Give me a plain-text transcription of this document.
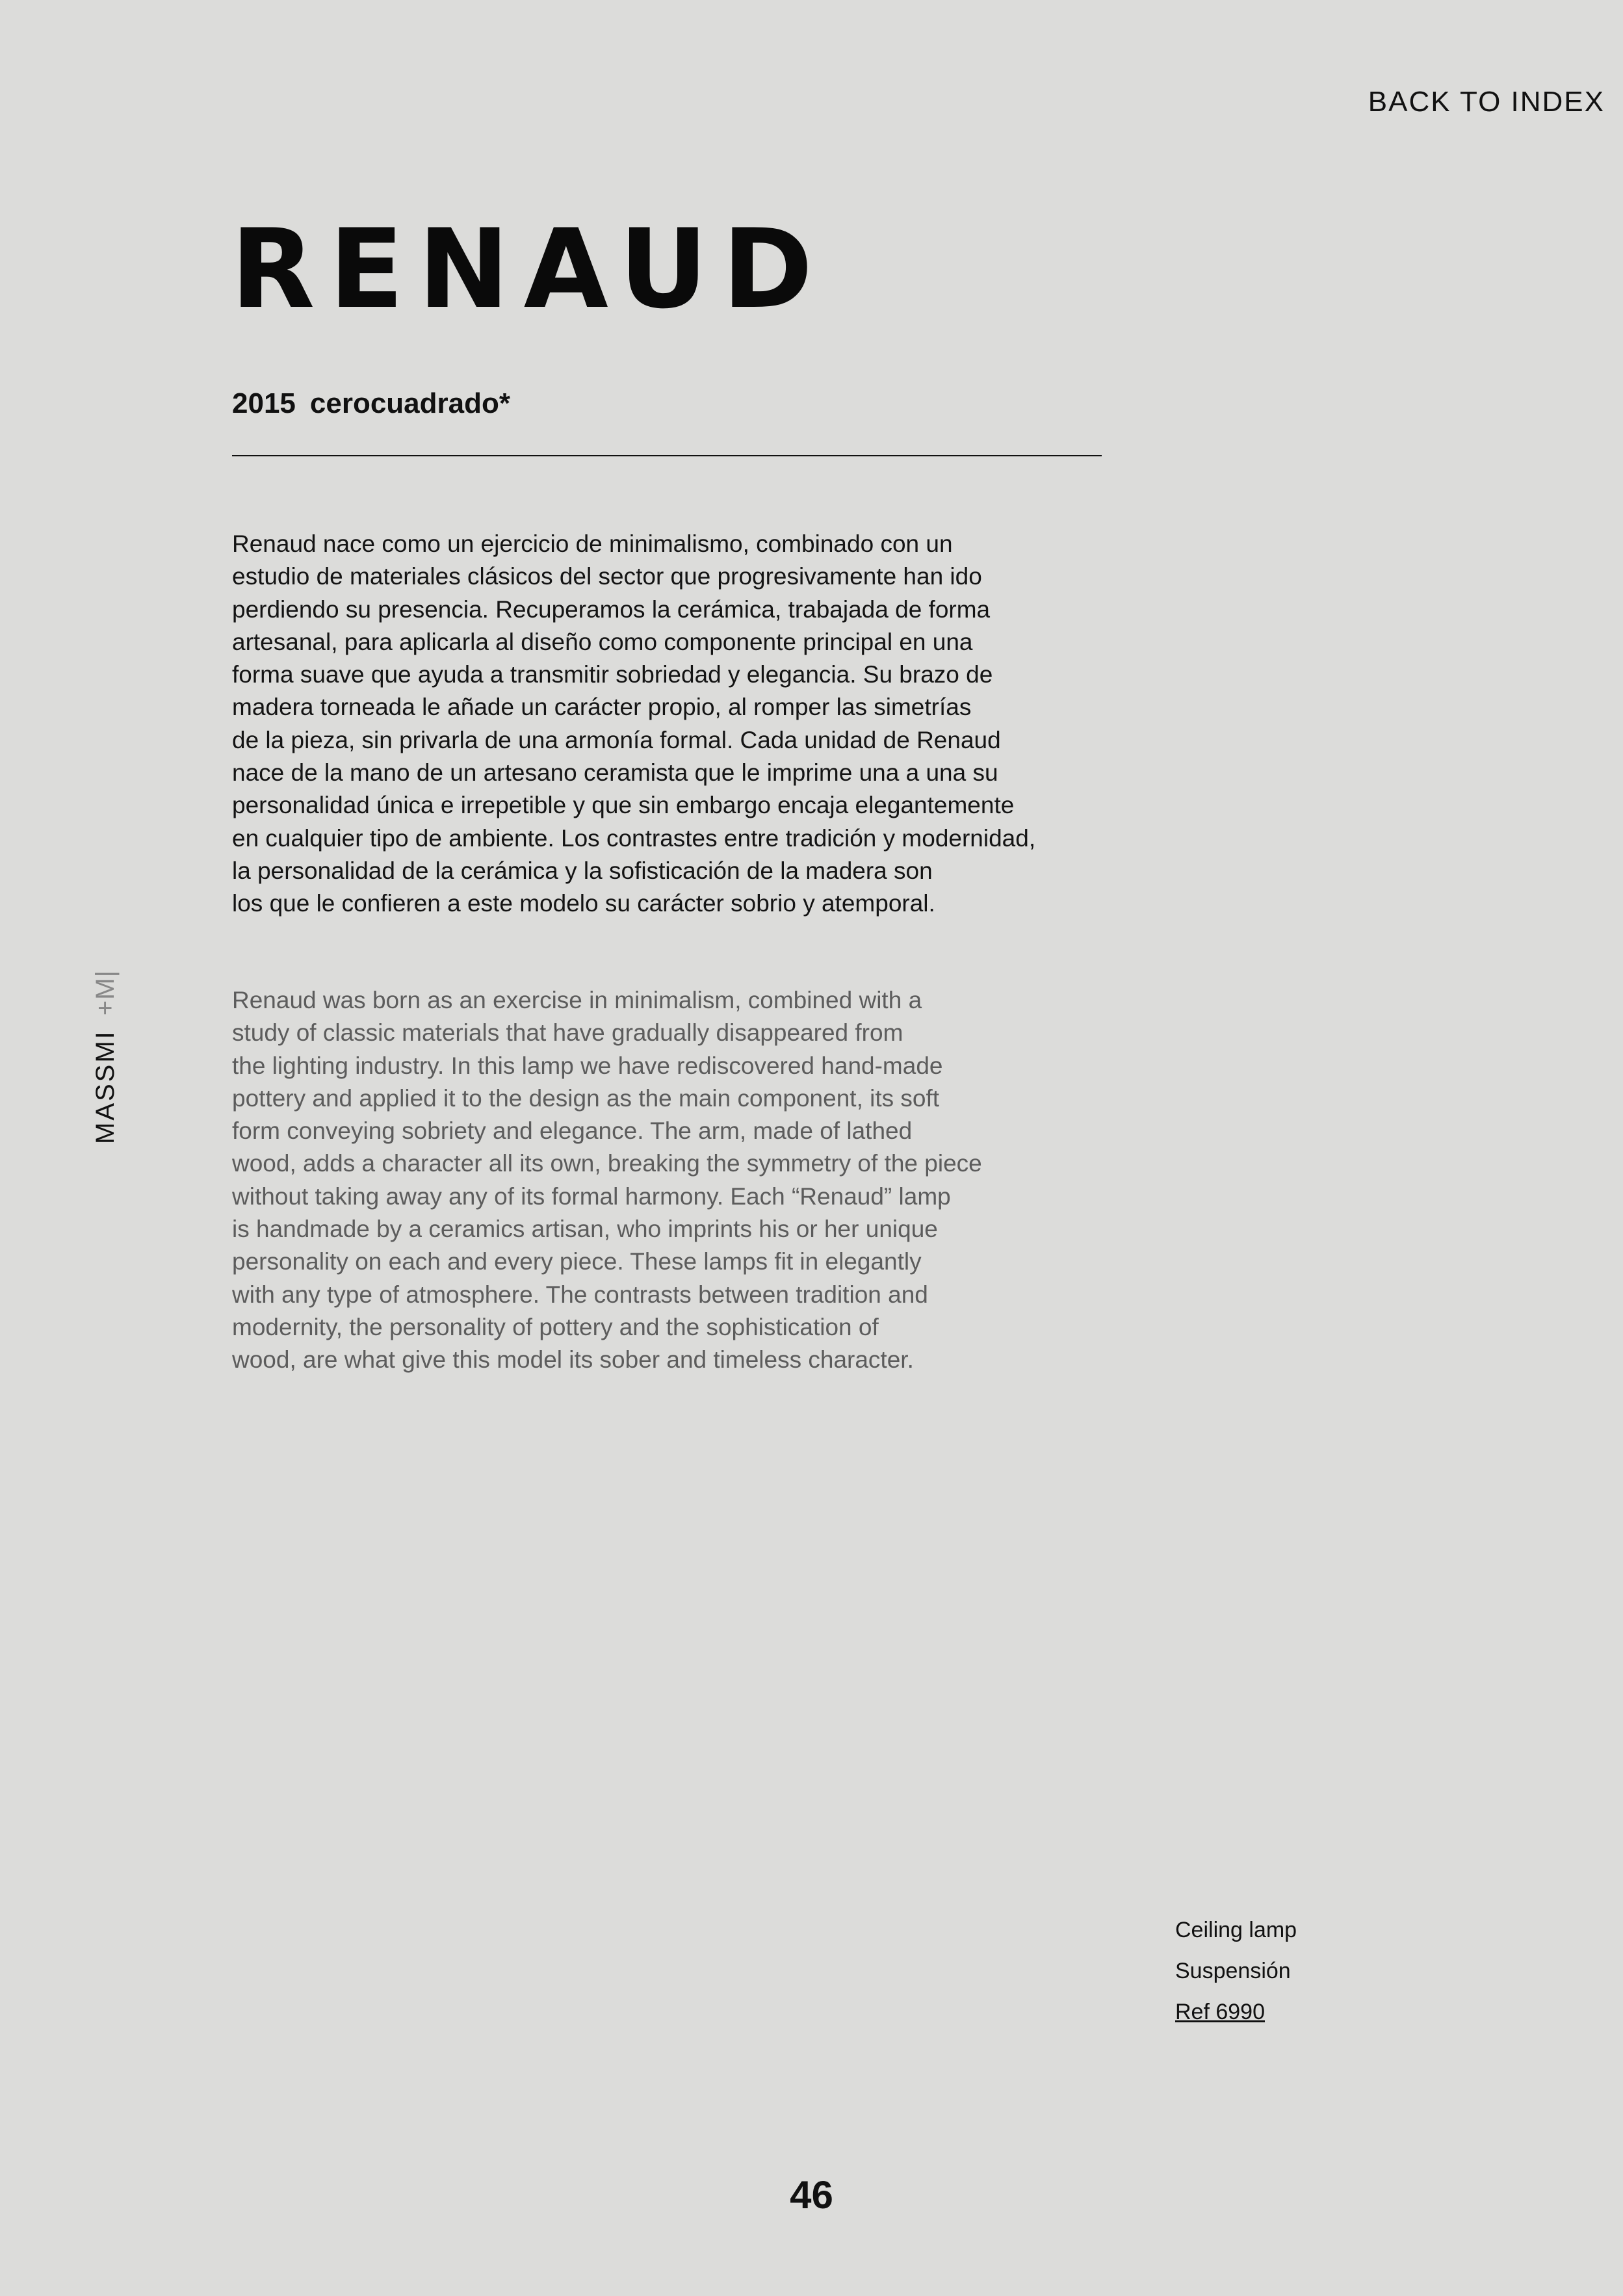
BACK TO INDEX
RENAUD
2015 cerocuadrado*

Renaud nace como un ejercicio de minimalismo, combinado con un
estudio de materiales clásicos del sector que progresivamente han ido
perdiendo su presencia. Recuperamos la cerámica, trabajada de forma
artesanal, para aplicarla al diseño como componente principal en una
forma suave que ayuda a transmitir sobriedad y elegancia. Su brazo de
madera torneada le añade un carácter propio, al romper las simetrías
de la pieza, sin privarla de una armonía formal. Cada unidad de Renaud
nace de la mano de un artesano ceramista que le imprime una a una su
personalidad única e irrepetible y que sin embargo encaja elegantemente
en cualquier tipo de ambiente. Los contrastes entre tradición y modernidad,
la personalidad de la cerámica y la sofisticación de la madera son
los que le confieren a este modelo su carácter sobrio y atemporal.

Renaud was born as an exercise in minimalism, combined with a
study of classic materials that have gradually disappeared from
the lighting industry. In this lamp we have rediscovered hand-made
pottery and applied it to the design as the main component, its soft
form conveying sobriety and elegance. The arm, made of lathed
wood, adds a character all its own, breaking the symmetry of the piece
without taking away any of its formal harmony. Each “Renaud” lamp
is handmade by a ceramics artisan, who imprints his or her unique
personality on each and every piece. These lamps fit in elegantly
with any type of atmosphere. The contrasts between tradition and
modernity, the personality of pottery and the sophistication of
wood, are what give this model its sober and timeless character.

MASSMI
+M|
Ceiling lamp
Suspensión
Ref 6990
46
